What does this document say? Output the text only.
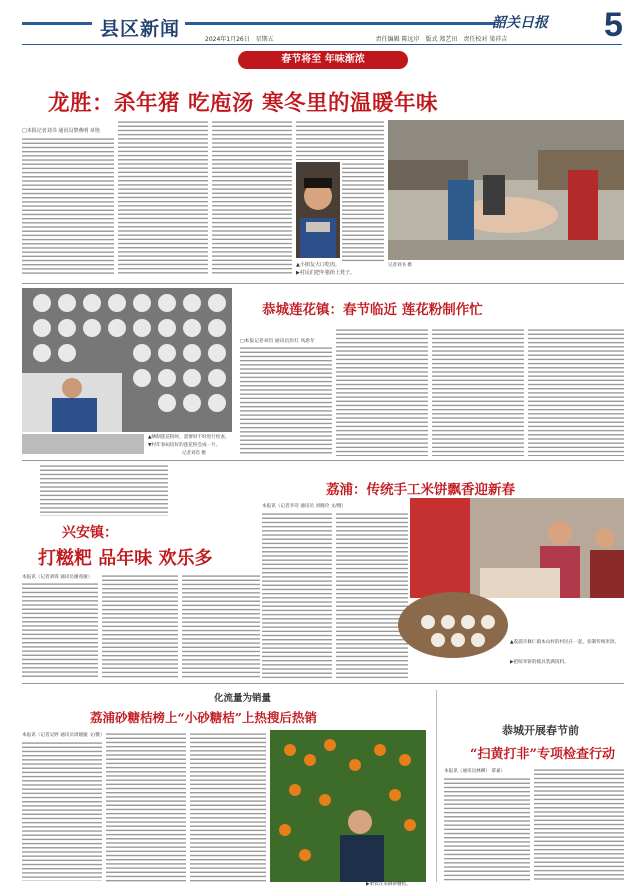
县区新闻	韶关日报 5
2024年1月26日 星期五	责任编辑 陈远岸 版式 郑艺田 责任校对 梁祥吉
春节将至 年味渐浓
龙胜：杀年猪 吃庖汤 寒冬里的温暖年味
□本报记者刘书 通讯员黎燕明 章艳
▲小朋友大口吃肉。
▶村民们把年猪抬上凳子。
记者刘书 摄
▲晒制莲花粉时，需要时不时进行检查。
▼村年春码切好的莲花粉会成一片。
记者刘肖 摄
恭城莲花镇：春节临近 莲花粉制作忙
□本报记者刘肖 通讯员彭灯 凤思年
兴安镇：
打糍粑 品年味 欢乐多
本报讯（记者刘锋 通讯员谢希敏）
荔浦：传统手工米饼飘香迎新春
本报讯（记者李诗 通讯员 刘晓玲 文/摄）
▲荔浦市修仁镇本山村的村民在一起，扣制传统米饼。
▶把晾米饼的模具装满饭料。
化流量为销量
荔浦砂糖桔榜上“小砂糖桔”上热搜后热销
本报讯（记者吴婷 通讯员周媛媛 文/摄）
▶果农在采摘砂糖桔。
恭城开展春节前
“扫黄打非”专项检查行动
本报讯（通讯员林柳） 覃嘉）
